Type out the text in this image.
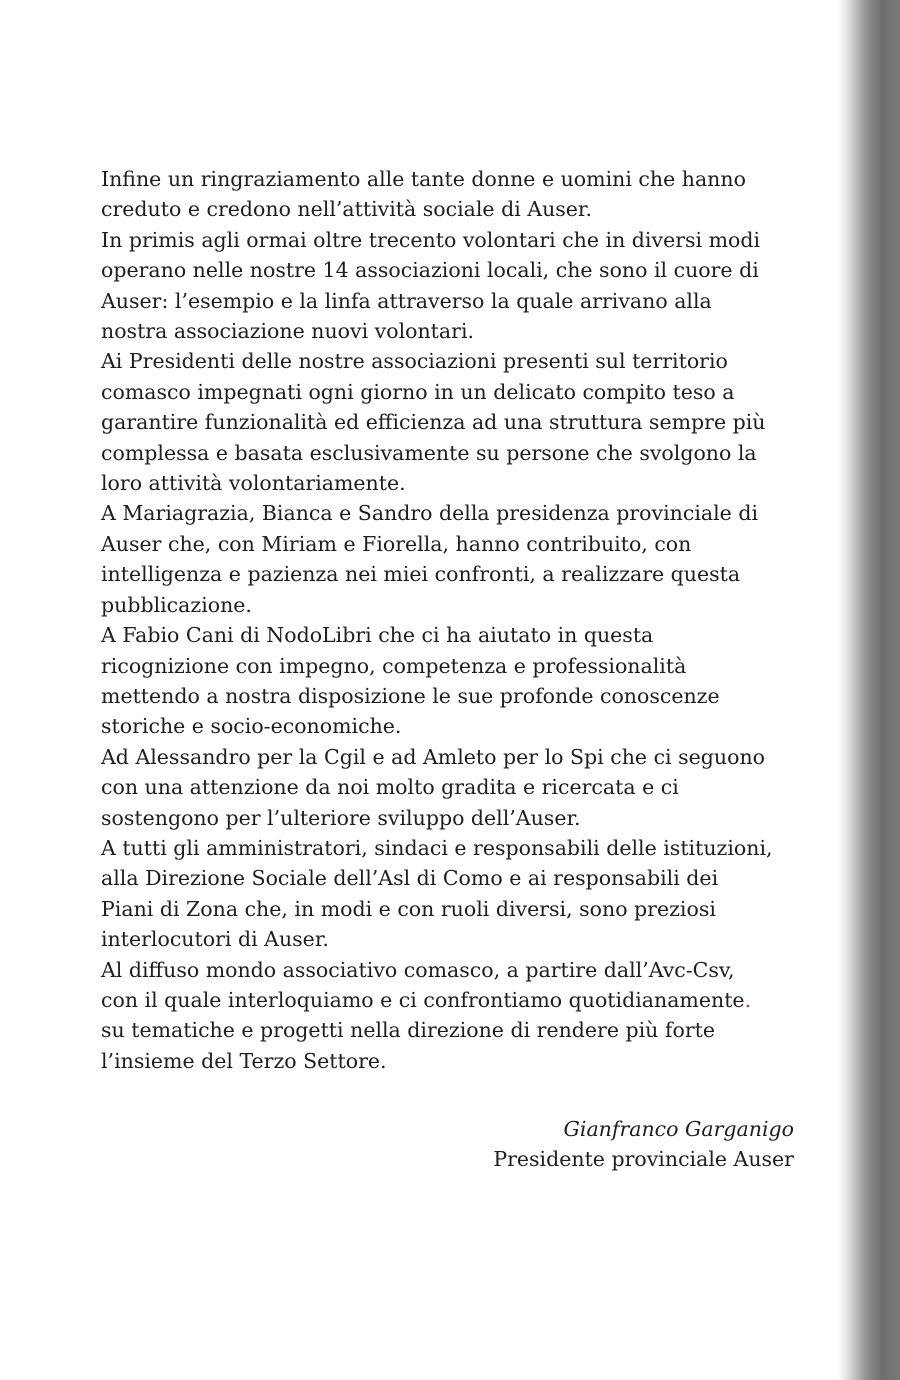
Infine un ringraziamento alle tante donne e uomini che hanno
creduto e credono nell’attività sociale di Auser.
In primis agli ormai oltre trecento volontari che in diversi modi
operano nelle nostre 14 associazioni locali, che sono il cuore di
Auser: l’esempio e la linfa attraverso la quale arrivano alla
nostra associazione nuovi volontari.
Ai Presidenti delle nostre associazioni presenti sul territorio
comasco impegnati ogni giorno in un delicato compito teso a
garantire funzionalità ed efficienza ad una struttura sempre più
complessa e basata esclusivamente su persone che svolgono la
loro attività volontariamente.
A Mariagrazia, Bianca e Sandro della presidenza provinciale di
Auser che, con Miriam e Fiorella, hanno contribuito, con
intelligenza e pazienza nei miei confronti, a realizzare questa
pubblicazione.
A Fabio Cani di NodoLibri che ci ha aiutato in questa
ricognizione con impegno, competenza e professionalità
mettendo a nostra disposizione le sue profonde conoscenze
storiche e socio-economiche.
Ad Alessandro per la Cgil e ad Amleto per lo Spi che ci seguono
con una attenzione da noi molto gradita e ricercata e ci
sostengono per l’ulteriore sviluppo dell’Auser.
A tutti gli amministratori, sindaci e responsabili delle istituzioni,
alla Direzione Sociale dell’Asl di Como e ai responsabili dei
Piani di Zona che, in modi e con ruoli diversi, sono preziosi
interlocutori di Auser.
Al diffuso mondo associativo comasco, a partire dall’Avc-Csv,
con il quale interloquiamo e ci confrontiamo quotidianamente.
su tematiche e progetti nella direzione di rendere più forte
l’insieme del Terzo Settore.
Gianfranco Garganigo
Presidente provinciale Auser
